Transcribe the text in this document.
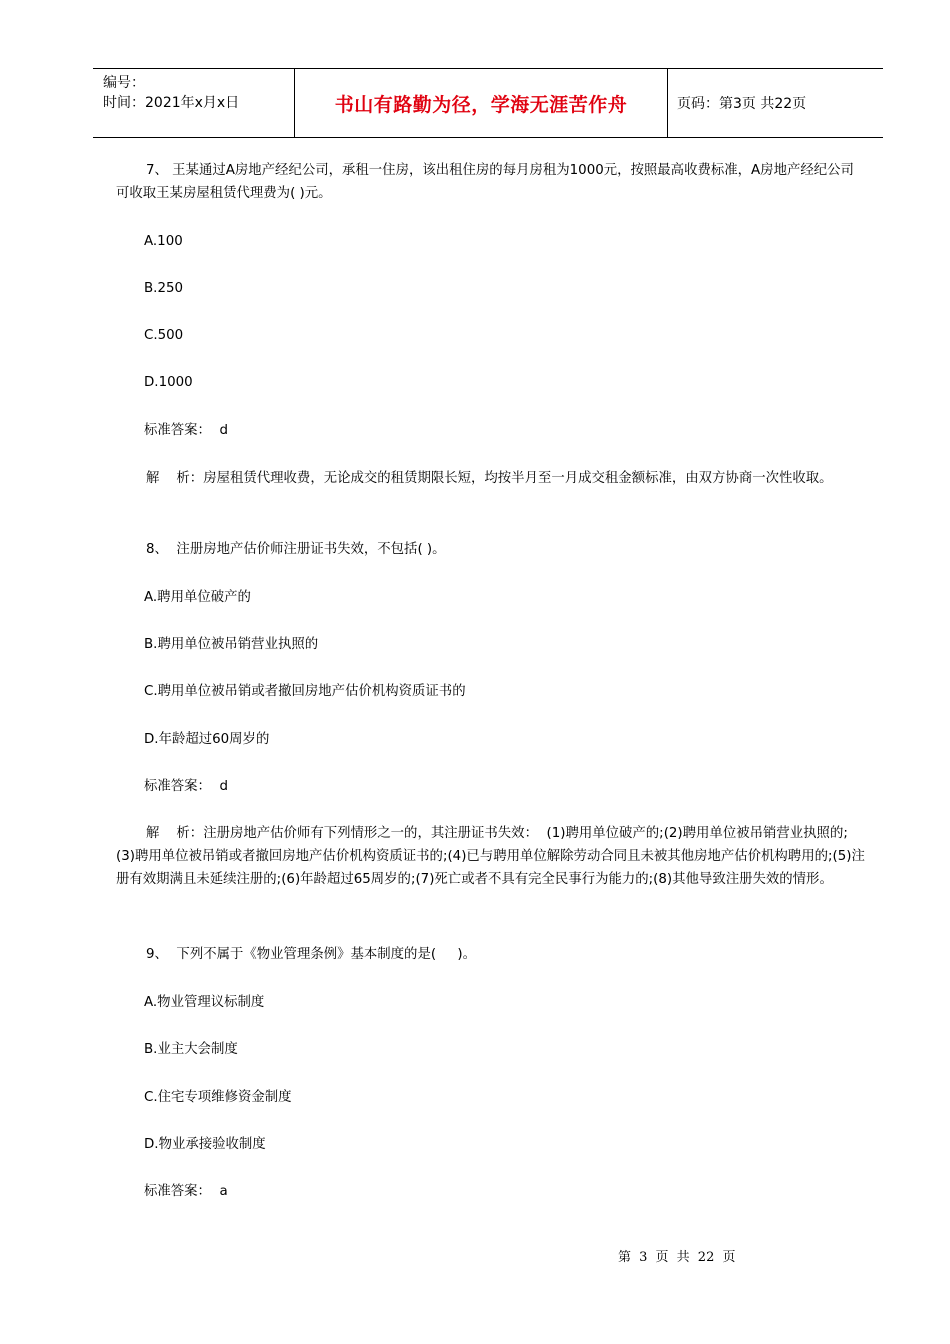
编号：
时间：2021年x月x日	书山有路勤为径，学海无涯苦作舟	页码：第3页 共22页

7、 王某通过A房地产经纪公司，承租一住房，该出租住房的每月房租为1000元，按照最高收费标准，A房地产经纪公司可收取王某房屋租赁代理费为( )元。

A.100

B.250

C.500

D.1000

标准答案：  d

解    析：房屋租赁代理收费，无论成交的租赁期限长短，均按半月至一月成交租金额标准，由双方协商一次性收取。

8、  注册房地产估价师注册证书失效，不包括( )。

A.聘用单位破产的

B.聘用单位被吊销营业执照的

C.聘用单位被吊销或者撤回房地产估价机构资质证书的

D.年龄超过60周岁的

标准答案：  d

解    析：注册房地产估价师有下列情形之一的，其注册证书失效：  (1)聘用单位破产的;(2)聘用单位被吊销营业执照的;(3)聘用单位被吊销或者撤回房地产估价机构资质证书的;(4)已与聘用单位解除劳动合同且未被其他房地产估价机构聘用的;(5)注册有效期满且未延续注册的;(6)年龄超过65周岁的;(7)死亡或者不具有完全民事行为能力的;(8)其他导致注册失效的情形。

9、  下列不属于《物业管理条例》基本制度的是(     )。

A.物业管理议标制度

B.业主大会制度

C.住宅专项维修资金制度

D.物业承接验收制度

标准答案：  a

第 3 页 共 22 页
